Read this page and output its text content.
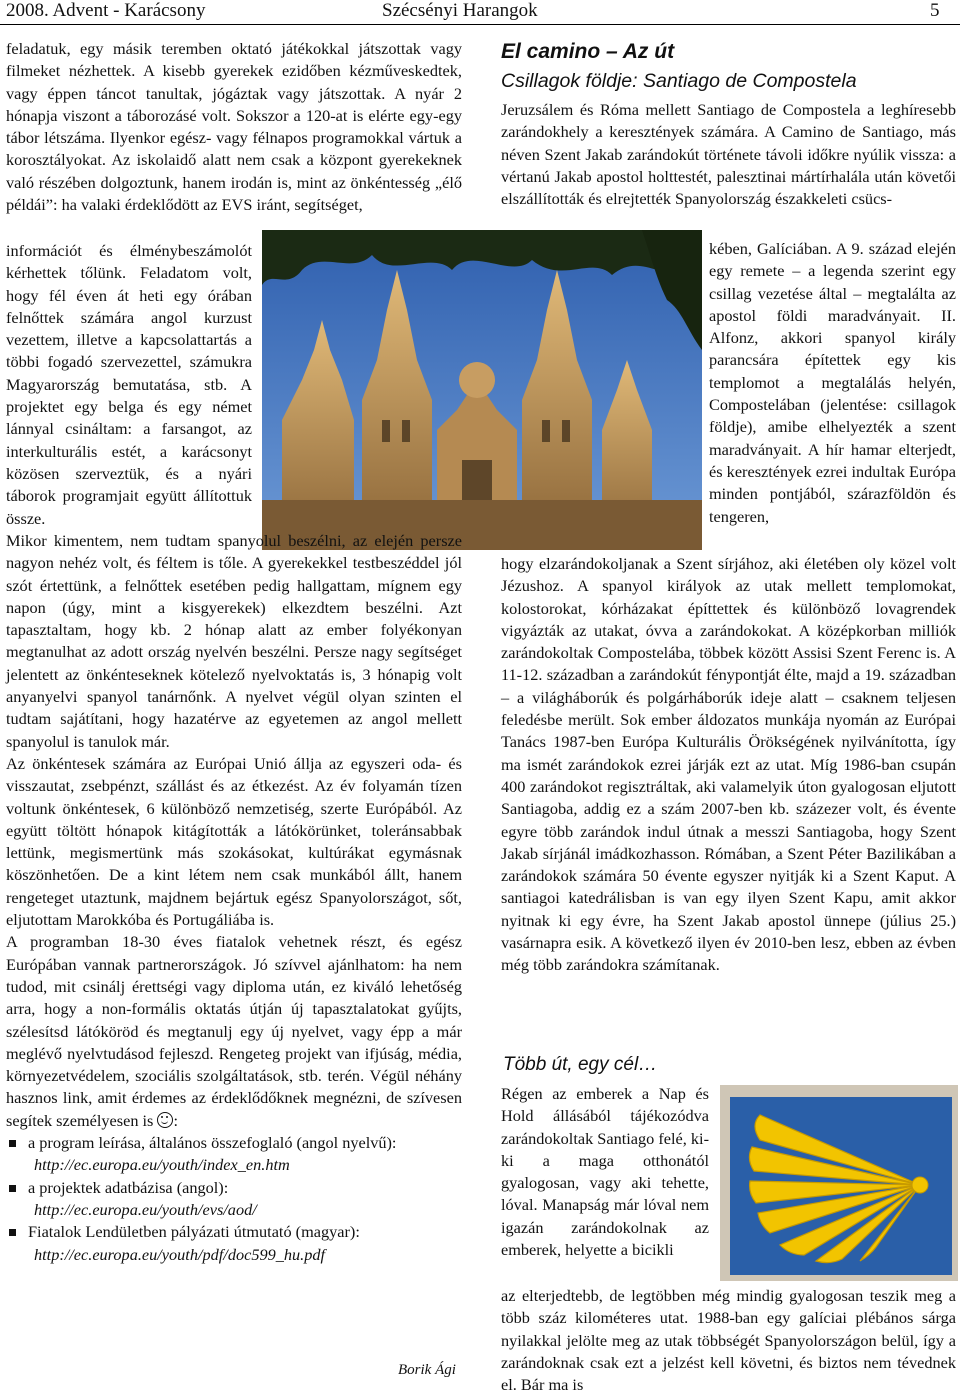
2008. Advent - Karácsony	Szécsényi Harangok	5

feladatuk, egy másik teremben oktató játékokkal játszottak vagy filmeket nézhettek. A kisebb gyerekek ezidőben kézműveskedtek, vagy éppen táncot tanultak, jógáztak vagy játszottak. A nyár 2 hónapja viszont a táborozásé volt. Sokszor a 120-at is elérte egy-egy tábor létszáma. Ilyenkor egész- vagy félnapos programokkal vártuk a korosztályokat. Az iskolaidő alatt nem csak a központ gyerekeknek való részében dolgoztunk, hanem irodán is, mint az önkéntesség „élő példái”: ha valaki érdeklődött az EVS iránt, segítséget,

információt és élménybeszámolót kérhettek tőlünk. Feladatom volt, hogy fél éven át heti egy órában felnőttek számára angol kurzust vezettem, illetve a kapcsolattartás a többi fogadó szervezettel, számukra Magyarország bemutatása, stb. A projektet egy belga és egy német lánnyal csináltam: a farsangot, az interkulturális estét, a karácsonyt közösen szerveztük, és a nyári táborok programjait együtt állítottuk össze.

Mikor kimentem, nem tudtam spanyolul beszélni, az elején persze nagyon nehéz volt, és féltem is tőle. A gyerekekkel testbeszéddel jól szót értettünk, a felnőttek esetében pedig hallgattam, mígnem egy napon (úgy, mint a kisgyerekek) elkezdtem beszélni. Azt tapasztaltam, hogy kb. 2 hónap alatt az ember folyékonyan megtanulhat az adott ország nyelvén beszélni. Persze nagy segítséget jelentett az önkénteseknek kötelező nyelvoktatás is, 3 hónapig volt anyanyelvi spanyol tanárnőnk. A nyelvet végül olyan szinten el tudtam sajátítani, hogy hazatérve az egyetemen az angol mellett spanyolul is tanulok már.

Az önkéntesek számára az Európai Unió állja az egyszeri oda- és visszautat, zsebpénzt, szállást és az étkezést. Az év folyamán tízen voltunk önkéntesek, 6 különböző nemzetiség, szerte Európából. Az együtt töltött hónapok kitágították a látókörünket, toleránsabbak lettünk, megismertünk más szokásokat, kultúrákat egymásnak köszönhetően. De a kint létem nem csak munkából állt, hanem rengeteget utaztunk, majdnem bejártuk egész Spanyolországot, sőt, eljutottam Marokkóba és Portugáliába is.

A programban 18-30 éves fiatalok vehetnek részt, és egész Európában vannak partnerországok. Jó szívvel ajánlhatom: ha nem tudod, mit csinálj érettségi vagy diploma után, ez kiváló lehetőség arra, hogy a non-formális oktatás útján új tapasztalatokat gyűjts, szélesítsd látóköröd és megtanulj egy új nyelvet, vagy épp a már meglévő nyelvtudásod fejleszd. Rengeteg projekt van ifjúság, média, környezetvédelem, szociális szolgáltatások, stb. terén. Végül néhány hasznos link, amit érdemes az érdeklődőknek megnézni, de szívesen segítek személyesen is :

a program leírása, általános összefoglaló (angol nyelvű):
http://ec.europa.eu/youth/index_en.htm
a projektek adatbázisa (angol):
http://ec.europa.eu/youth/evs/aod/
Fiatalok Lendületben pályázati útmutató (magyar):
http://ec.europa.eu/youth/pdf/doc599_hu.pdf
Borik Ági
El camino – Az út
Csillagok földje: Santiago de Compostela

Jeruzsálem és Róma mellett Santiago de Compostela a leghíresebb zarándokhely a keresztények számára. A Camino de Santiago, más néven Szent Jakab zarándokút története távoli időkre nyúlik vissza: a vértanú Jakab apostol holttestét, palesztinai mártírhalála után követői elszállították és elrejtették Spanyolország északkeleti csücs-

kében, Galíciában. A 9. század elején egy remete – a legenda szerint egy csillag vezetése által – megtalálta az apostol földi maradványait. II. Alfonz, akkori spanyol király parancsára építettek egy kis templomot a megtalálás helyén, Compostelában (jelentése: csillagok földje), amibe elhelyezték a szent maradványait. A hír hamar elterjedt, és keresztények ezrei indultak Európa minden pontjából, szárazföldön és tengeren,

hogy elzarándokoljanak a Szent sírjához, aki életében oly közel volt Jézushoz. A spanyol királyok az utak mellett templomokat, kolostorokat, kórházakat építtettek és különböző lovagrendek vigyázták az utakat, óvva a zarándokokat. A középkorban milliók zarándokoltak Compostelába, többek között Assisi Szent Ferenc is. A 11-12. században a zarándokút fénypontját élte, majd a 19. században – a világháborúk és polgárháborúk ideje alatt – csaknem teljesen feledésbe merült. Sok ember áldozatos munkája nyomán az Európai Tanács 1987-ben Európa Kulturális Örökségének nyilvánította, így ma ismét zarándokok ezrei járják ezt az utat. Míg 1986-ban csupán 400 zarándokot regisztráltak, aki valamelyik úton gyalogosan eljutott Santiagoba, addig ez a szám 2007-ben kb. százezer volt, és évente egyre több zarándok indul útnak a messzi Santiagoba, hogy Szent Jakab sírjánál imádkozhasson. Rómában, a Szent Péter Bazilikában a zarándokok számára 50 évente egyszer nyitják ki a Szent Kaput. A santiagoi katedrálisban is van egy ilyen Szent Kapu, amit akkor nyitnak ki egy évre, ha Szent Jakab apostol ünnepe (július 25.) vasárnapra esik. A következő ilyen év 2010-ben lesz, ebben az évben még több zarándokra számítanak.

Több út, egy cél…

Régen az emberek a Nap és Hold állásából tájékozódva zarándokoltak Santiago felé, ki-ki a maga otthonától gyalogosan, vagy aki tehette, lóval. Manapság már lóval nem igazán zarándokolnak az emberek, helyette a bicikli

az elterjedtebb, de legtöbben még mindig gyalogosan teszik meg a több száz kilométeres utat. 1988-ban egy galíciai plébános sárga nyilakkal jelölte meg az utak többségét Spanyolországon belül, így a zarándoknak csak ezt a jelzést kell követni, és biztos nem tévednek el. Bár ma is
